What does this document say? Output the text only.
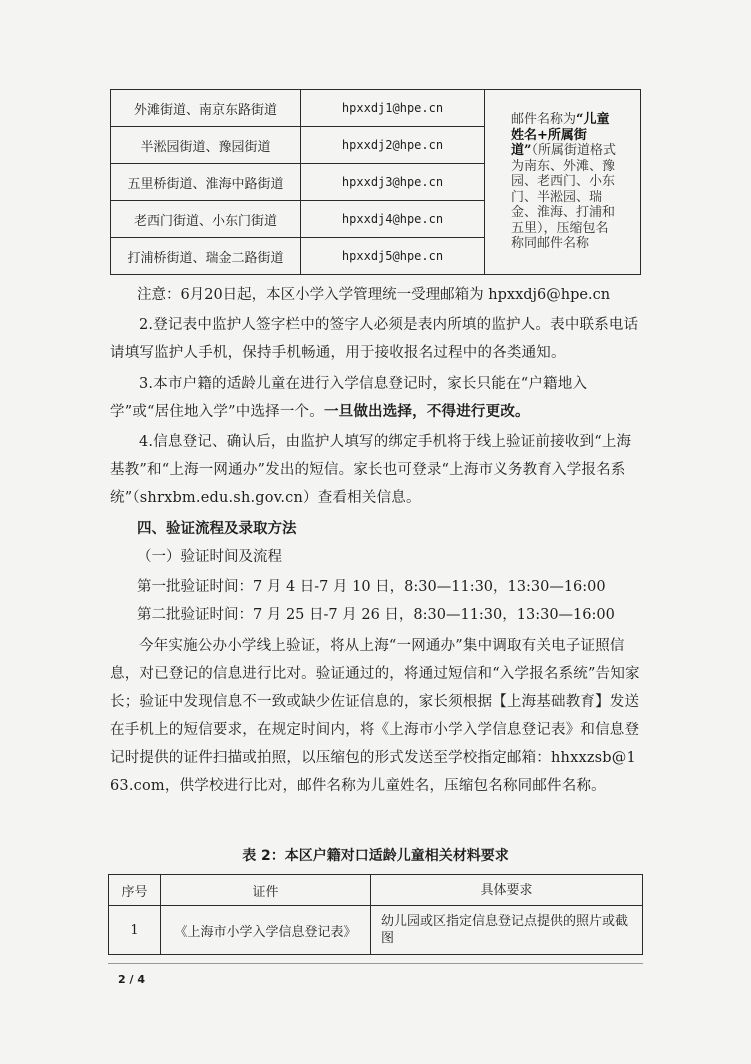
外滩街道、南京东路街道	hpxxdj1@hpe.cn	邮件名称为“儿童姓名+所属街道”（所属街道格式为南东、外滩、豫园、老西门、小东门、半淞园、瑞金、淮海、打浦和五里），压缩包名称同邮件名称
半淞园街道、豫园街道	hpxxdj2@hpe.cn	
五里桥街道、淮海中路街道	hpxxdj3@hpe.cn	
老西门街道、小东门街道	hpxxdj4@hpe.cn	
打浦桥街道、瑞金二路街道	hpxxdj5@hpe.cn	

注意：6月20日起，本区小学入学管理统一受理邮箱为 hpxxdj6@hpe.cn

2.登记表中监护人签字栏中的签字人必须是表内所填的监护人。表中联系电话请填写监护人手机，保持手机畅通，用于接收报名过程中的各类通知。

3.本市户籍的适龄儿童在进行入学信息登记时，家长只能在“户籍地入学”或“居住地入学”中选择一个。一旦做出选择，不得进行更改。

4.信息登记、确认后，由监护人填写的绑定手机将于线上验证前接收到“上海基教”和“上海一网通办”发出的短信。家长也可登录“上海市义务教育入学报名系统”（shrxbm.edu.sh.gov.cn）查看相关信息。

四、验证流程及录取方法

（一）验证时间及流程

第一批验证时间：7 月 4 日-7 月 10 日，8:30—11:30，13:30—16:00

第二批验证时间：7 月 25 日-7 月 26 日，8:30—11:30，13:30—16:00

今年实施公办小学线上验证，将从上海“一网通办”集中调取有关电子证照信息，对已登记的信息进行比对。验证通过的，将通过短信和“入学报名系统”告知家长；验证中发现信息不一致或缺少佐证信息的，家长须根据【上海基础教育】发送在手机上的短信要求，在规定时间内，将《上海市小学入学信息登记表》和信息登记时提供的证件扫描或拍照，以压缩包的形式发送至学校指定邮箱：hhxxzsb@163.com，供学校进行比对，邮件名称为儿童姓名，压缩包名称同邮件名称。

表 2：本区户籍对口适龄儿童相关材料要求
序号	证件	具体要求
1	《上海市小学入学信息登记表》	幼儿园或区指定信息登记点提供的照片或截图
2 / 4
